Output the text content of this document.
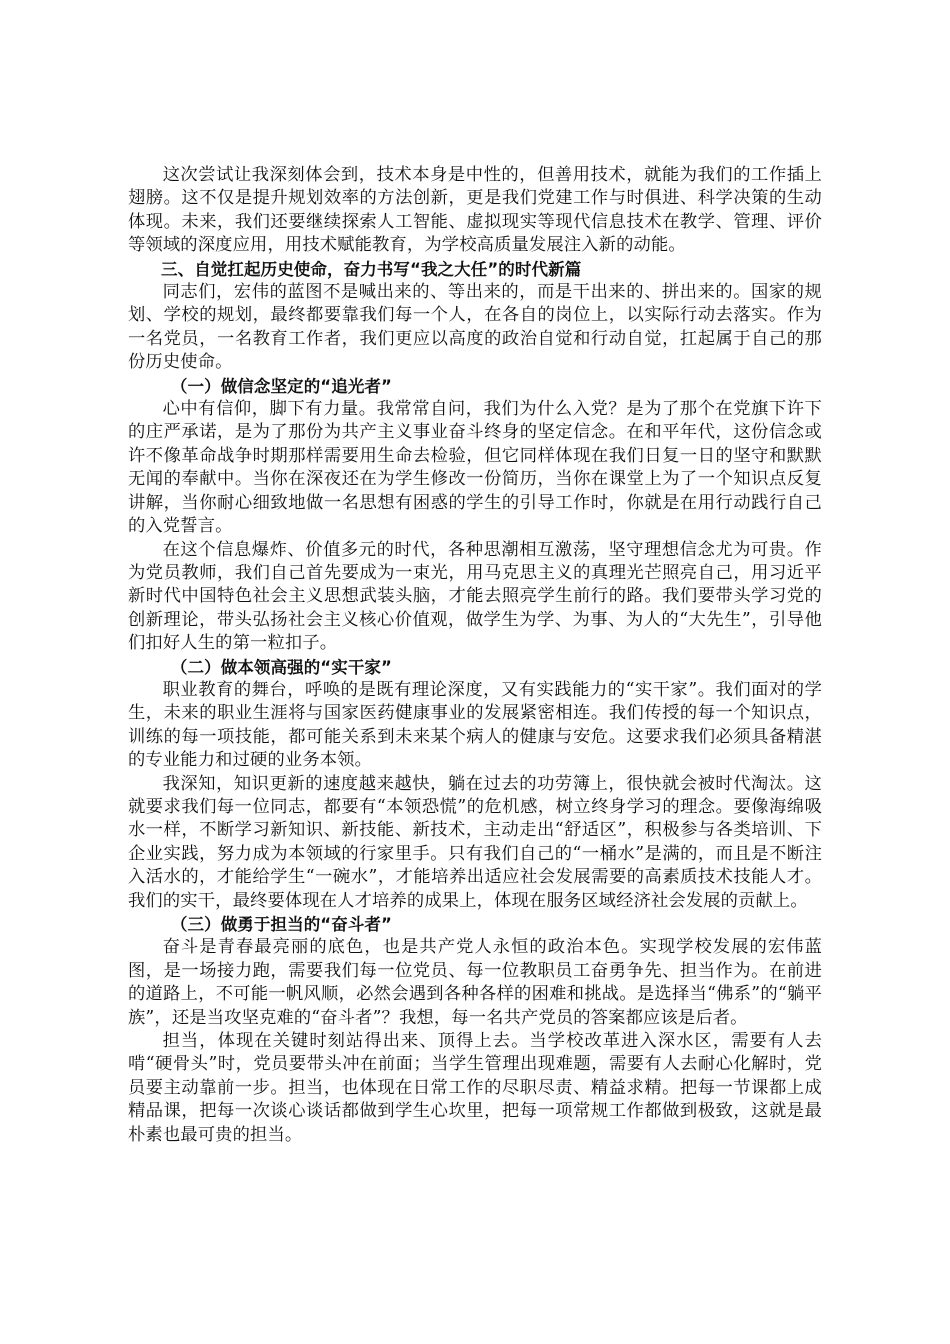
这次尝试让我深刻体会到，技术本身是中性的，但善用技术，就能为我们的工作插上翅膀。这不仅是提升规划效率的方法创新，更是我们党建工作与时俱进、科学决策的生动体现。未来，我们还要继续探索人工智能、虚拟现实等现代信息技术在教学、管理、评价等领域的深度应用，用技术赋能教育，为学校高质量发展注入新的动能。

三、自觉扛起历史使命，奋力书写“我之大任”的时代新篇

同志们，宏伟的蓝图不是喊出来的、等出来的，而是干出来的、拼出来的。国家的规划、学校的规划，最终都要靠我们每一个人，在各自的岗位上，以实际行动去落实。作为一名党员，一名教育工作者，我们更应以高度的政治自觉和行动自觉，扛起属于自己的那份历史使命。

（一）做信念坚定的“追光者”

心中有信仰，脚下有力量。我常常自问，我们为什么入党？是为了那个在党旗下许下的庄严承诺，是为了那份为共产主义事业奋斗终身的坚定信念。在和平年代，这份信念或许不像革命战争时期那样需要用生命去检验，但它同样体现在我们日复一日的坚守和默默无闻的奉献中。当你在深夜还在为学生修改一份简历，当你在课堂上为了一个知识点反复讲解，当你耐心细致地做一名思想有困惑的学生的引导工作时，你就是在用行动践行自己的入党誓言。

在这个信息爆炸、价值多元的时代，各种思潮相互激荡，坚守理想信念尤为可贵。作为党员教师，我们自己首先要成为一束光，用马克思主义的真理光芒照亮自己，用习近平新时代中国特色社会主义思想武装头脑，才能去照亮学生前行的路。我们要带头学习党的创新理论，带头弘扬社会主义核心价值观，做学生为学、为事、为人的“大先生”，引导他们扣好人生的第一粒扣子。

（二）做本领高强的“实干家”

职业教育的舞台，呼唤的是既有理论深度，又有实践能力的“实干家”。我们面对的学生，未来的职业生涯将与国家医药健康事业的发展紧密相连。我们传授的每一个知识点，训练的每一项技能，都可能关系到未来某个病人的健康与安危。这要求我们必须具备精湛的专业能力和过硬的业务本领。

我深知，知识更新的速度越来越快，躺在过去的功劳簿上，很快就会被时代淘汰。这就要求我们每一位同志，都要有“本领恐慌”的危机感，树立终身学习的理念。要像海绵吸水一样，不断学习新知识、新技能、新技术，主动走出“舒适区”，积极参与各类培训、下企业实践，努力成为本领域的行家里手。只有我们自己的“一桶水”是满的，而且是不断注入活水的，才能给学生“一碗水”，才能培养出适应社会发展需要的高素质技术技能人才。我们的实干，最终要体现在人才培养的成果上，体现在服务区域经济社会发展的贡献上。

（三）做勇于担当的“奋斗者”

奋斗是青春最亮丽的底色，也是共产党人永恒的政治本色。实现学校发展的宏伟蓝图，是一场接力跑，需要我们每一位党员、每一位教职员工奋勇争先、担当作为。在前进的道路上，不可能一帆风顺，必然会遇到各种各样的困难和挑战。是选择当“佛系”的“躺平族”，还是当攻坚克难的“奋斗者”？我想，每一名共产党员的答案都应该是后者。

担当，体现在关键时刻站得出来、顶得上去。当学校改革进入深水区，需要有人去啃“硬骨头”时，党员要带头冲在前面；当学生管理出现难题，需要有人去耐心化解时，党员要主动靠前一步。担当，也体现在日常工作的尽职尽责、精益求精。把每一节课都上成精品课，把每一次谈心谈话都做到学生心坎里，把每一项常规工作都做到极致，这就是最朴素也最可贵的担当。
